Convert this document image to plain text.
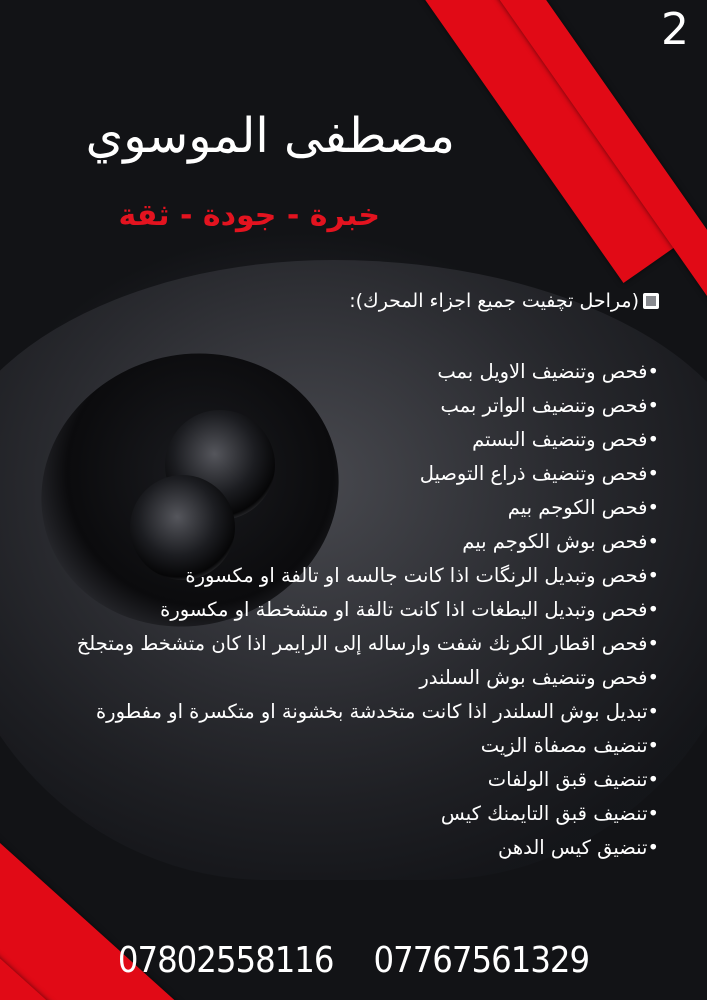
2
مصطفى الموسوي
خبرة - جودة - ثقة
(مراحل تچفيت جميع اجزاء المحرك):
•فحص وتنضيف الاويل بمب
•فحص وتنضيف الواتر بمب
•فحص وتنضيف البستم
•فحص وتنضيف ذراع التوصيل
•فحص الكوجم بيم
•فحص بوش الكوجم بيم
•فحص وتبديل الرنگات اذا كانت جالسه او تالفة او مكسورة
•فحص وتبديل اليطغات اذا كانت تالفة او متشخطة او مكسورة
•فحص اقطار الكرنك شفت وارساله إلى الرايمر اذا كان متشخط ومتجلخ
•فحص وتنضيف بوش السلندر
•تبديل بوش السلندر اذا كانت متخدشة بخشونة او متكسرة او مفطورة
•تنضيف مصفاة الزيت
•تنضيف قبق الولفات
•تنضيف قبق التايمنك كيس
•تنضيق كيس الدهن
07802558116 07767561329
